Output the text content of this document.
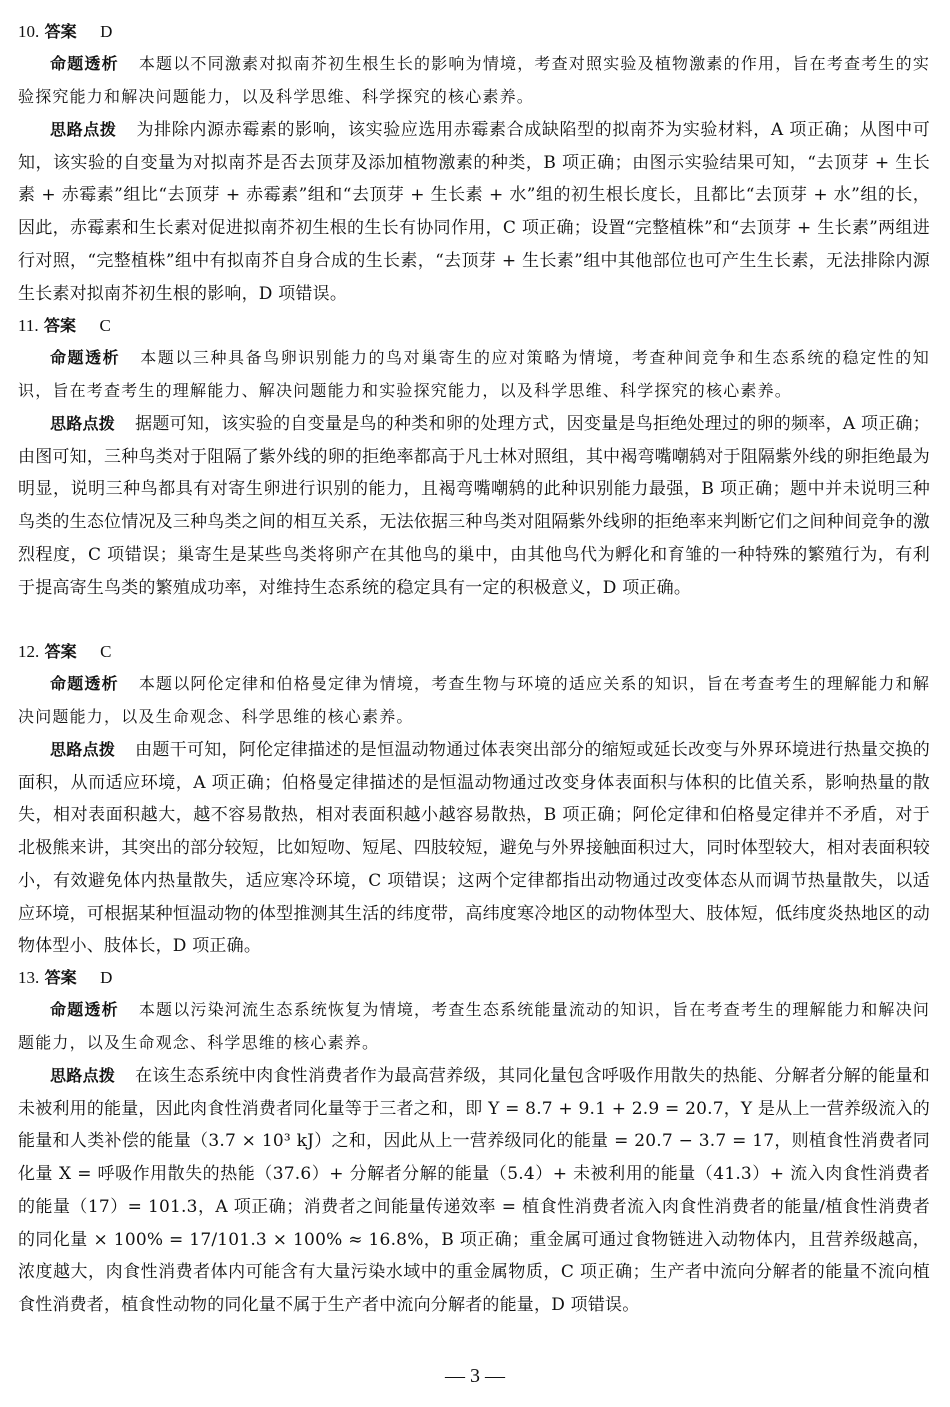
10. 答案 D
命题透析 本题以不同激素对拟南芥初生根生长的影响为情境，考查对照实验及植物激素的作用，旨在考查考生的实验探究能力和解决问题能力，以及科学思维、科学探究的核心素养。
思路点拨 为排除内源赤霉素的影响，该实验应选用赤霉素合成缺陷型的拟南芥为实验材料，A 项正确；从图中可知，该实验的自变量为对拟南芥是否去顶芽及添加植物激素的种类，B 项正确；由图示实验结果可知，“去顶芽 + 生长素 + 赤霉素”组比“去顶芽 + 赤霉素”组和“去顶芽 + 生长素 + 水”组的初生根长度长，且都比“去顶芽 + 水”组的长，因此，赤霉素和生长素对促进拟南芥初生根的生长有协同作用，C 项正确；设置“完整植株”和“去顶芽 + 生长素”两组进行对照，“完整植株”组中有拟南芥自身合成的生长素，“去顶芽 + 生长素”组中其他部位也可产生生长素，无法排除内源生长素对拟南芥初生根的影响，D 项错误。
11. 答案 C
命题透析 本题以三种具备鸟卵识别能力的鸟对巢寄生的应对策略为情境，考查种间竞争和生态系统的稳定性的知识，旨在考查考生的理解能力、解决问题能力和实验探究能力，以及科学思维、科学探究的核心素养。
思路点拨 据题可知，该实验的自变量是鸟的种类和卵的处理方式，因变量是鸟拒绝处理过的卵的频率，A 项正确；由图可知，三种鸟类对于阻隔了紫外线的卵的拒绝率都高于凡士林对照组，其中褐弯嘴嘲鸫对于阻隔紫外线的卵拒绝最为明显，说明三种鸟都具有对寄生卵进行识别的能力，且褐弯嘴嘲鸫的此种识别能力最强，B 项正确；题中并未说明三种鸟类的生态位情况及三种鸟类之间的相互关系，无法依据三种鸟类对阻隔紫外线卵的拒绝率来判断它们之间种间竞争的激烈程度，C 项错误；巢寄生是某些鸟类将卵产在其他鸟的巢中，由其他鸟代为孵化和育雏的一种特殊的繁殖行为，有利于提高寄生鸟类的繁殖成功率，对维持生态系统的稳定具有一定的积极意义，D 项正确。
12. 答案 C
命题透析 本题以阿伦定律和伯格曼定律为情境，考查生物与环境的适应关系的知识，旨在考查考生的理解能力和解决问题能力，以及生命观念、科学思维的核心素养。
思路点拨 由题干可知，阿伦定律描述的是恒温动物通过体表突出部分的缩短或延长改变与外界环境进行热量交换的面积，从而适应环境，A 项正确；伯格曼定律描述的是恒温动物通过改变身体表面积与体积的比值关系，影响热量的散失，相对表面积越大，越不容易散热，相对表面积越小越容易散热，B 项正确；阿伦定律和伯格曼定律并不矛盾，对于北极熊来讲，其突出的部分较短，比如短吻、短尾、四肢较短，避免与外界接触面积过大，同时体型较大，相对表面积较小，有效避免体内热量散失，适应寒冷环境，C 项错误；这两个定律都指出动物通过改变体态从而调节热量散失，以适应环境，可根据某种恒温动物的体型推测其生活的纬度带，高纬度寒冷地区的动物体型大、肢体短，低纬度炎热地区的动物体型小、肢体长，D 项正确。
13. 答案 D
命题透析 本题以污染河流生态系统恢复为情境，考查生态系统能量流动的知识，旨在考查考生的理解能力和解决问题能力，以及生命观念、科学思维的核心素养。
思路点拨 在该生态系统中肉食性消费者作为最高营养级，其同化量包含呼吸作用散失的热能、分解者分解的能量和未被利用的能量，因此肉食性消费者同化量等于三者之和，即 Y = 8.7 + 9.1 + 2.9 = 20.7，Y 是从上一营养级流入的能量和人类补偿的能量（3.7 × 10³ kJ）之和，因此从上一营养级同化的能量 = 20.7 − 3.7 = 17，则植食性消费者同化量 X = 呼吸作用散失的热能（37.6）+ 分解者分解的能量（5.4）+ 未被利用的能量（41.3）+ 流入肉食性消费者的能量（17）= 101.3，A 项正确；消费者之间能量传递效率 = 植食性消费者流入肉食性消费者的能量/植食性消费者的同化量 × 100% = 17/101.3 × 100% ≈ 16.8%，B 项正确；重金属可通过食物链进入动物体内，且营养级越高，浓度越大，肉食性消费者体内可能含有大量污染水域中的重金属物质，C 项正确；生产者中流向分解者的能量不流向植食性消费者，植食性动物的同化量不属于生产者中流向分解者的能量，D 项错误。
— 3 —
